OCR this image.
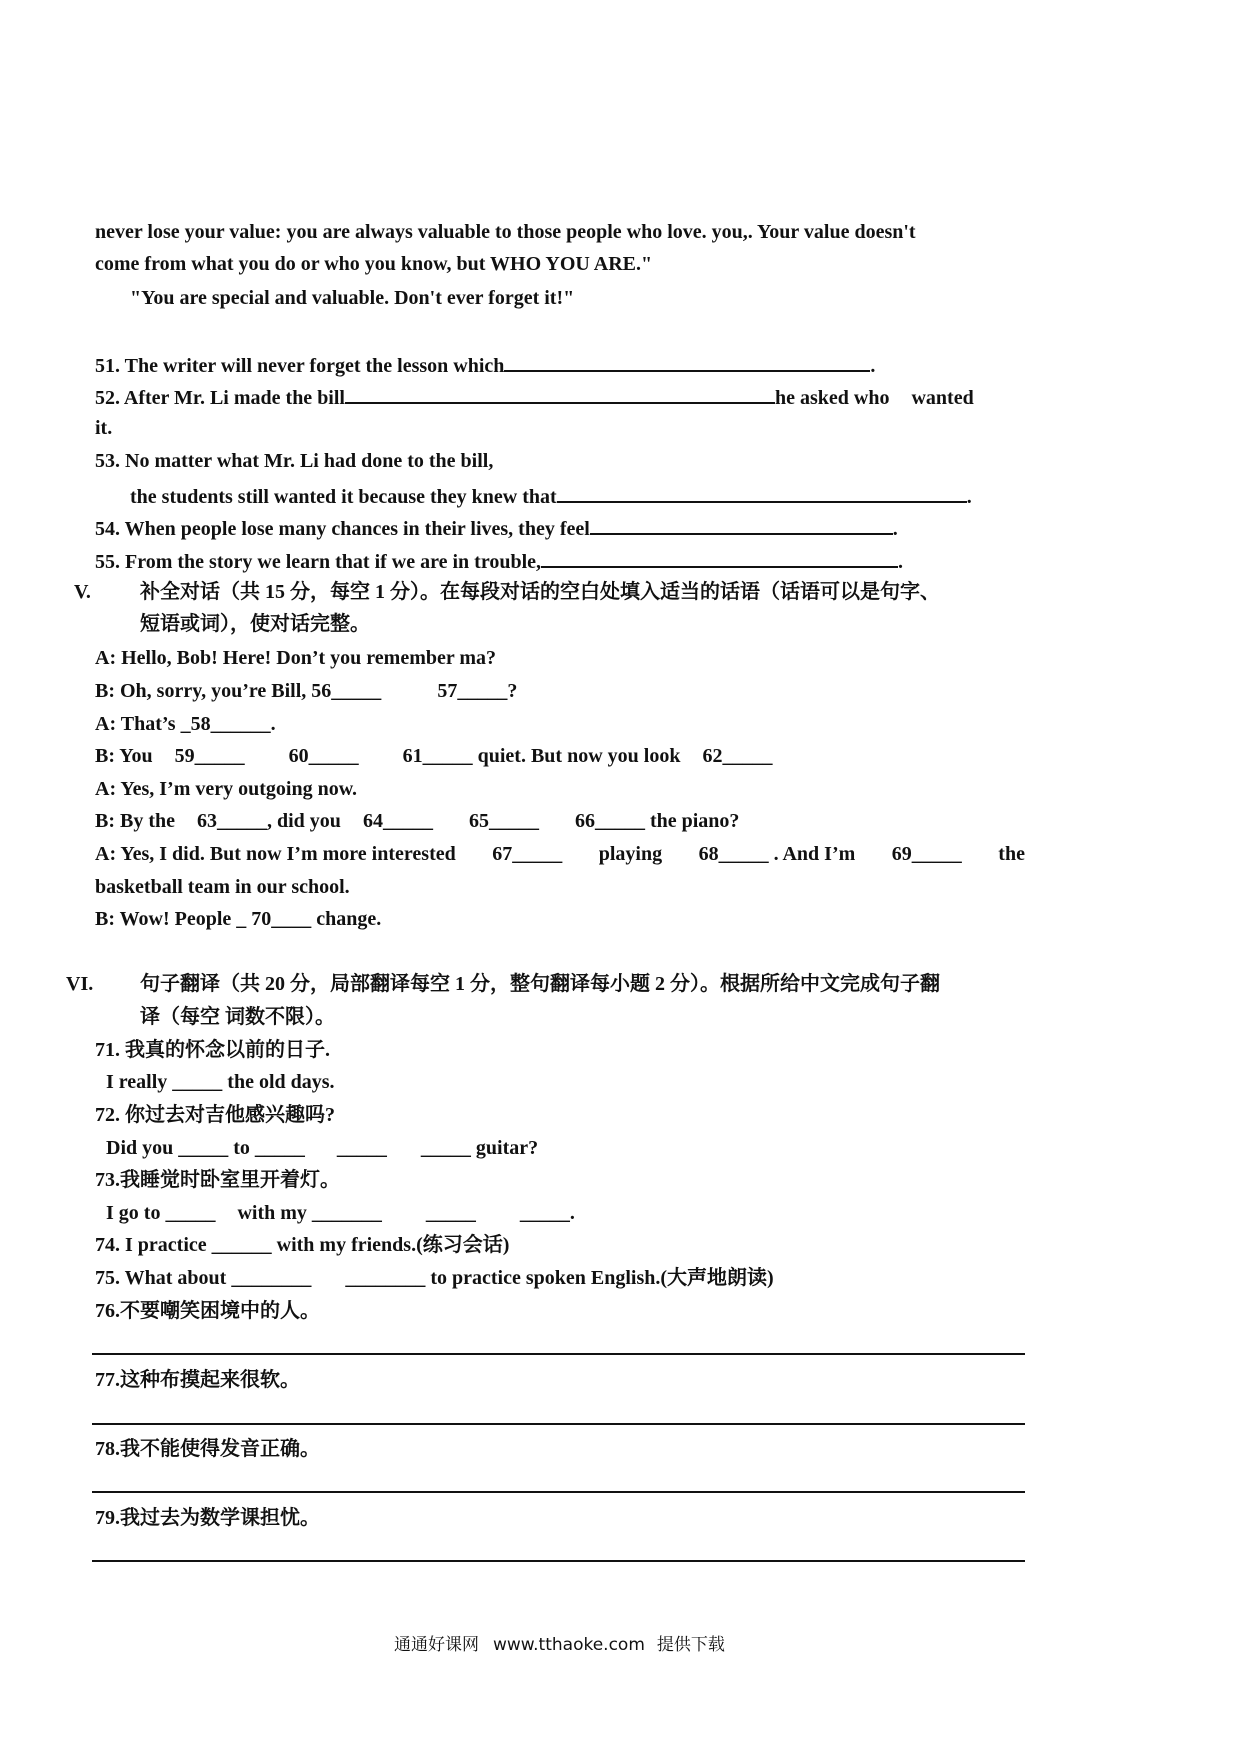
never lose your value: you are always valuable to those people who love. you,. Your value doesn't
come from what you do or who you know, but WHO YOU ARE."
"You are special and valuable. Don't ever forget it!"
51. The writer will never forget the lesson which	.
52. After Mr. Li made the bill	he asked who wanted
it.
53. No matter what Mr. Li had done to the bill,
the students still wanted it because they knew that	.
54. When people lose many chances in their lives, they feel	.
55. From the story we learn that if we are in trouble,	.
V. 补全对话（共 15 分，每空 1 分）。在每段对话的空白处填入适当的话语（话语可以是句字、
短语或词），使对话完整。
A: Hello, Bob! Here! Don’t you remember ma?
B: Oh, sorry, you’re Bill, 56_____	57_____?
A: That’s _58______.
B: You 59_____ 60_____ 61_____ quiet. But now you look 62_____
A: Yes, I’m very outgoing now.
B: By the 63_____, did you 64_____ 65_____ 66_____ the piano?
A: Yes, I did. But now I’m more interested 67_____ playing 68_____ . And I’m 69_____ the
basketball team in our school.
B: Wow! People _ 70____ change.
VI. 句子翻译（共 20 分，局部翻译每空 1 分，整句翻译每小题 2 分）。根据所给中文完成句子翻
译（每空 词数不限）。
71. 我真的怀念以前的日子.
I really _____ the old days.
72. 你过去对吉他感兴趣吗?
Did you _____ to _____ _____ _____ guitar?
73.我睡觉时卧室里开着灯。
I go to _____ with my _______ _____ _____.
74. I practice ______ with my friends.(练习会话)
75. What about ________ ________ to practice spoken English.(大声地朗读)
76.不要嘲笑困境中的人。
77.这种布摸起来很软。
78.我不能使得发音正确。
79.我过去为数学课担忧。
通通好课网 www.tthaoke.com 提供下载
